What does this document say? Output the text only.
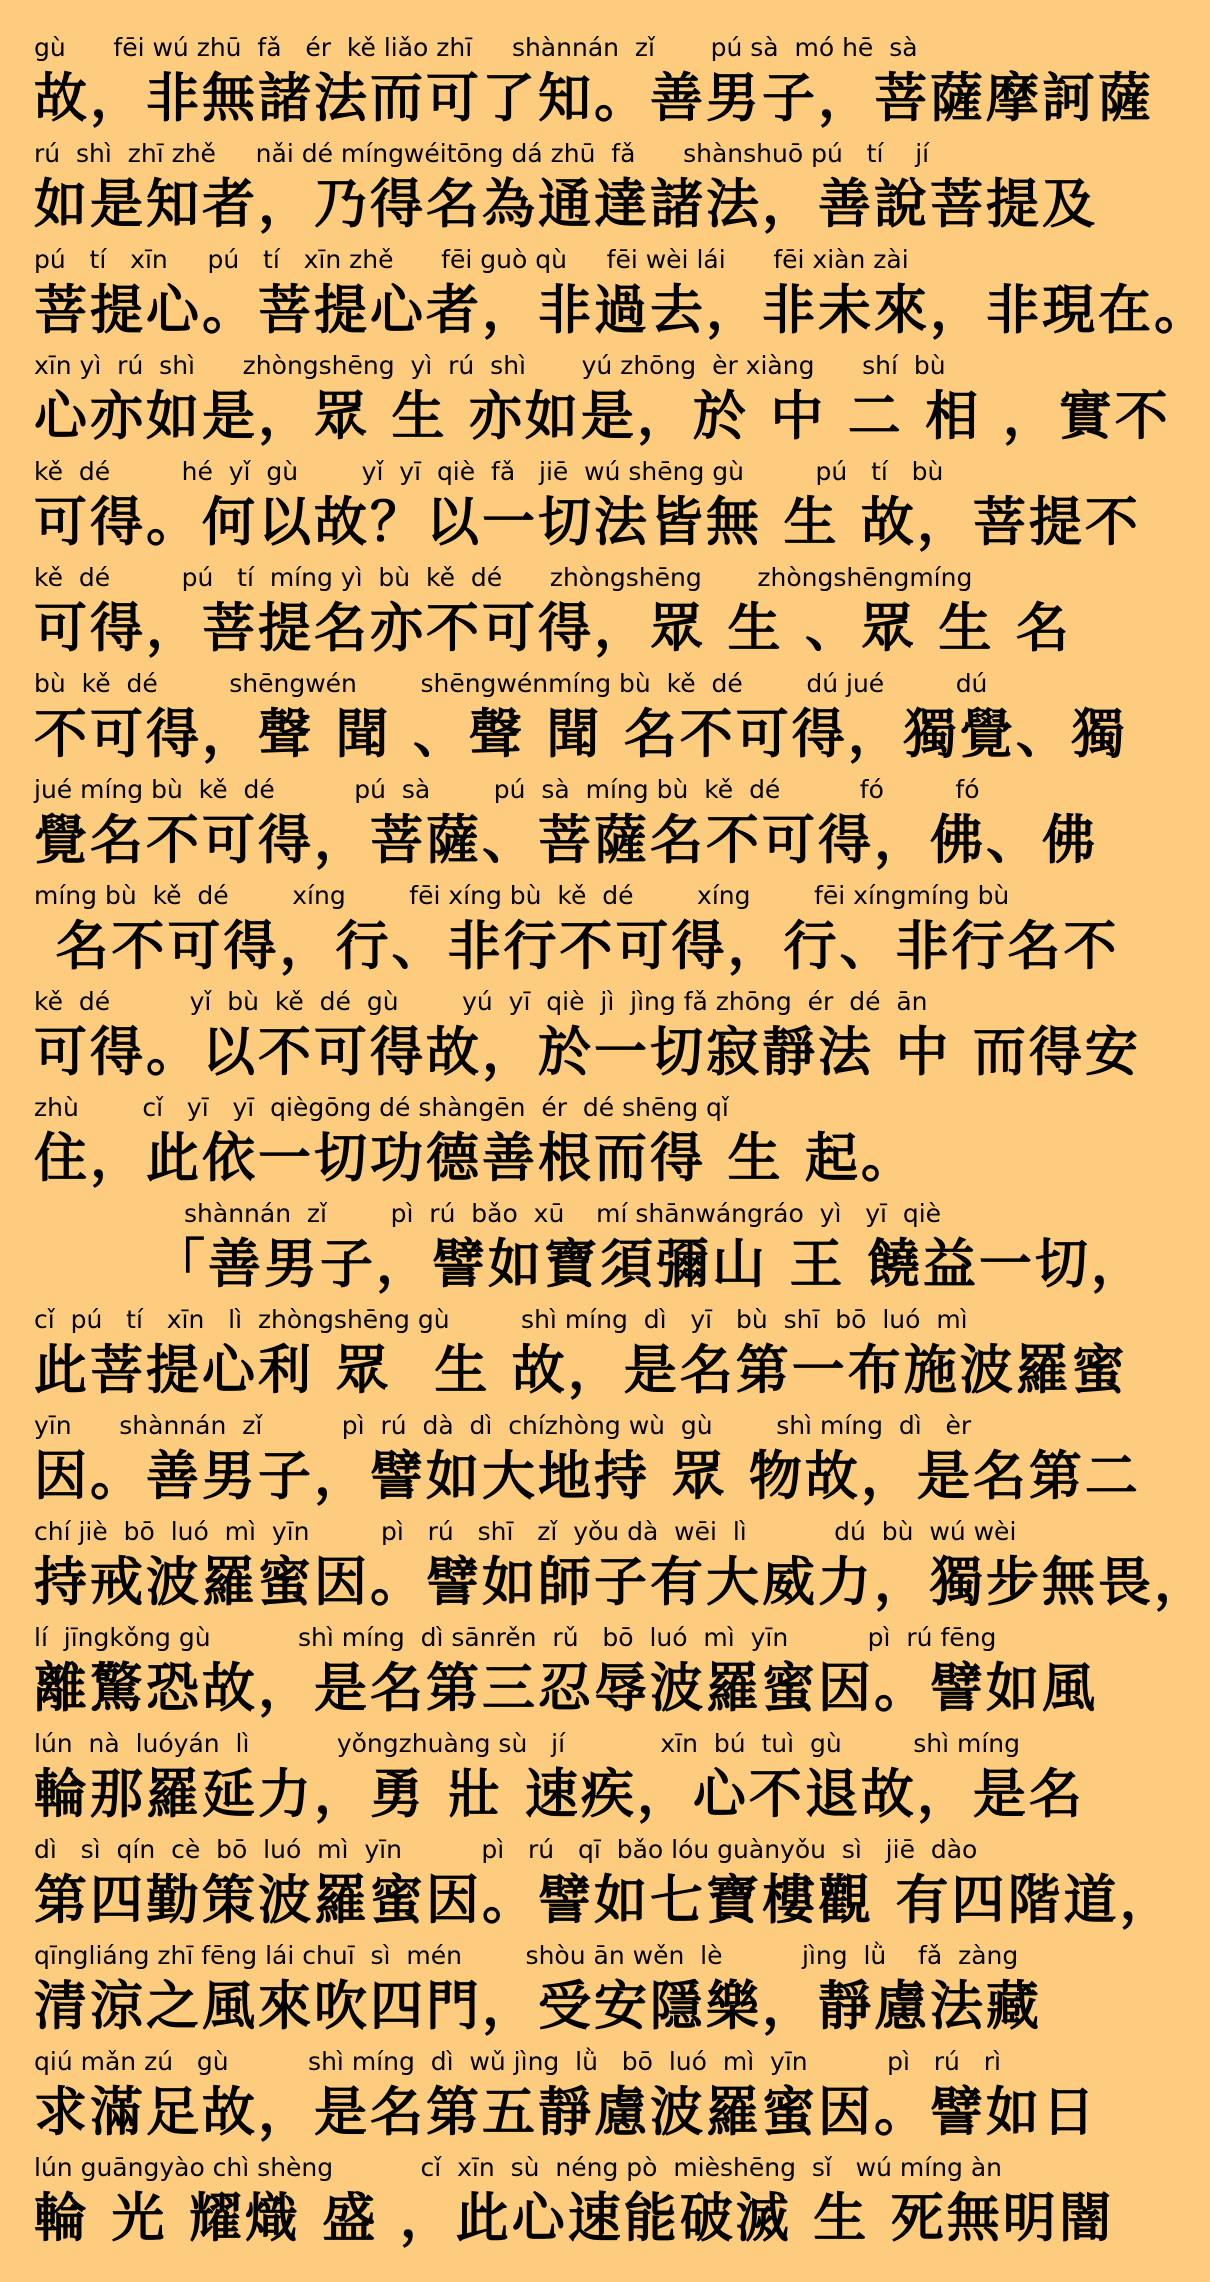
gù      fēi wú zhū  fǎ   ér  kě liǎo zhī     shànnán  zǐ       pú sà  mó hē  sà
故，非無諸法而可了知。善男子，菩薩摩訶薩
rú  shì  zhī zhě     nǎi dé míngwéitōng dá zhū  fǎ      shànshuō pú   tí    jí
如是知者，乃得名為通達諸法，善說菩提及
pú   tí   xīn     pú   tí   xīn zhě      fēi guò qù     fēi wèi lái      fēi xiàn zài
菩提心。菩提心者，非過去，非未來，非現在。
xīn yì  rú  shì      zhòngshēng  yì  rú  shì       yú zhōng  èr xiàng      shí  bù
心亦如是，眾 生 亦如是，於 中 二 相 ，實不
kě  dé         hé  yǐ  gù        yǐ  yī  qiè  fǎ   jiē  wú shēng gù         pú   tí   bù
可得。何以故？以一切法皆無 生 故，菩提不
kě  dé         pú   tí  míng yì  bù  kě  dé      zhòngshēng       zhòngshēngmíng
可得，菩提名亦不可得，眾 生 、眾 生 名
bù  kě  dé         shēngwén        shēngwénmíng bù  kě  dé        dú jué         dú
不可得，聲 聞 、聲 聞 名不可得，獨覺、獨
jué míng bù  kě  dé          pú  sà        pú  sà  míng bù  kě  dé          fó         fó
覺名不可得，菩薩、菩薩名不可得，佛、佛
míng bù  kě  dé        xíng        fēi xíng bù  kě  dé        xíng        fēi xíngmíng bù
名不可得，行、非行不可得，行、非行名不
kě  dé          yǐ  bù  kě  dé  gù        yú  yī  qiè  jì  jìng fǎ zhōng  ér  dé  ān
可得。以不可得故，於一切寂靜法 中 而得安
zhù        cǐ   yī   yī  qiègōng dé shàngēn  ér  dé shēng qǐ
住，此依一切功德善根而得 生 起。
shànnán  zǐ        pì  rú  bǎo  xū    mí shānwángráo  yì   yī  qiè
「善男子，譬如寶須彌山 王 饒益一切，
cǐ  pú   tí   xīn   lì  zhòngshēng gù         shì míng  dì   yī   bù  shī  bō  luó  mì
此菩提心利 眾  生 故，是名第一布施波羅蜜
yīn      shànnán  zǐ          pì  rú  dà  dì  chízhòng wù  gù        shì míng  dì   èr
因。善男子，譬如大地持 眾 物故，是名第二
chí jiè  bō  luó  mì  yīn         pì   rú   shī   zǐ  yǒu dà  wēi  lì           dú  bù  wú wèi
持戒波羅蜜因。譬如師子有大威力，獨步無畏，
lí  jīngkǒng gù           shì míng  dì sānrěn  rǔ   bō  luó  mì  yīn          pì  rú fēng
離驚恐故，是名第三忍辱波羅蜜因。譬如風
lún  nà  luóyán  lì           yǒngzhuàng sù   jí            xīn  bú  tuì  gù         shì míng
輪那羅延力，勇 壯 速疾，心不退故，是名
dì   sì  qín  cè  bō  luó  mì  yīn          pì   rú   qī  bǎo lóu guànyǒu  sì   jiē  dào
第四勤策波羅蜜因。譬如七寶樓觀 有四階道，
qīngliáng zhī fēng lái chuī  sì  mén        shòu ān wěn  lè          jìng  lǜ    fǎ  zàng
清涼之風來吹四門，受安隱樂，靜慮法藏
qiú mǎn zú   gù          shì míng  dì  wǔ jìng  lǜ   bō  luó  mì  yīn          pì   rú   rì
求滿足故，是名第五靜慮波羅蜜因。譬如日
lún guāngyào chì shèng           cǐ  xīn  sù  néng pò  mièshēng  sǐ   wú míng àn
輪 光 耀熾 盛 ，此心速能破滅 生 死無明闇
